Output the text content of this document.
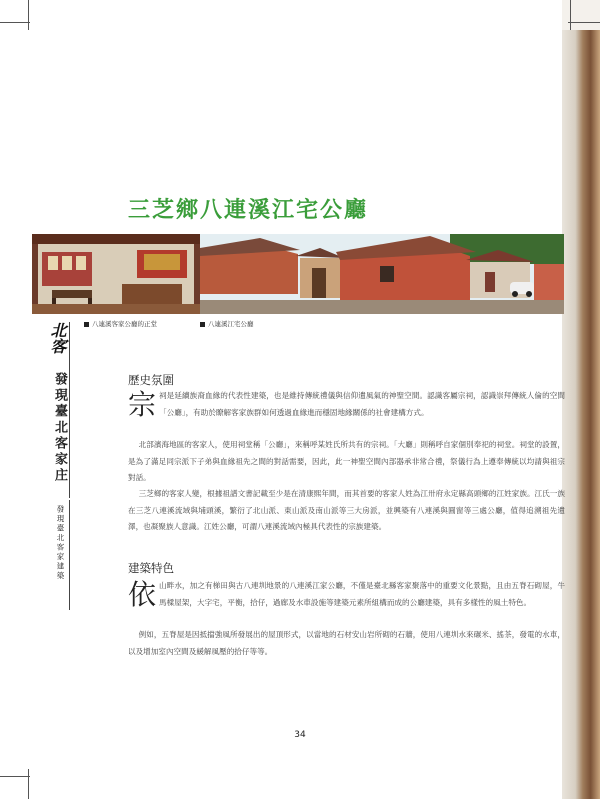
三芝鄉八連溪江宅公廳
八連溪客家公廳的正堂	八連溪江宅公廳
北客
發現臺北客家庄
發現臺北客家建築
歷史氛圍

宗祠是延續族裔血緣的代表性建築，也是維持傳統禮儀與信仰遺風氣的神聖空間。認識客屬宗祠，認識崇拜傳統人倫的空間「公廳」，有助於瞭解客家族群如何透過血緣進而穩固地緣關係的社會建構方式。

北部濱海地區的客家人，使用祠堂稱「公廳」，來稱呼某姓氏所共有的宗祠。「大廳」則稱呼自家個別奉祀的祠堂。祠堂的設置，是為了滿足同宗派下子弟與血緣祖先之間的對話需要，因此，此一神聖空間內部器承非常合禮，祭儀行為上遵奉傳統以均請與祖宗對話。

三芝鄉的客家人變，根據祖譜文書記載至少是在清康熙年間，而其首要的客家人姓為江卅府永定縣高頭鄉的江姓家族。江氏一族在三芝八連溪流域與埔頭溪，繁衍了北山派、東山派及南山派等三大房派，並興築有八連溪與圓窗等三處公廳，值得追溯祖先遺澤，也凝聚族人意識。江姓公廳，可謂八連溪流域內極具代表性的宗族建築。

建築特色

依山畔水，加之有梯田與古八連圳地景的八連溪江家公廳，不僅是臺北縣客家聚落中的重要文化景點，且由五脊石砌屋，牛馬樑屋架，大字宅，平衡，拾仔，過廊及水車設施等建築元素所組構而成的公廳建築，具有多樣性的風土特色。

例如，五脊屋是因抵擋強風所發展出的屋頂形式，以當地的石材安山岩所砌的石牆，使用八連圳水來碾米、搖茶，發電的水車，以及增加室內空間及緩解風壓的拾仔等等。

34
